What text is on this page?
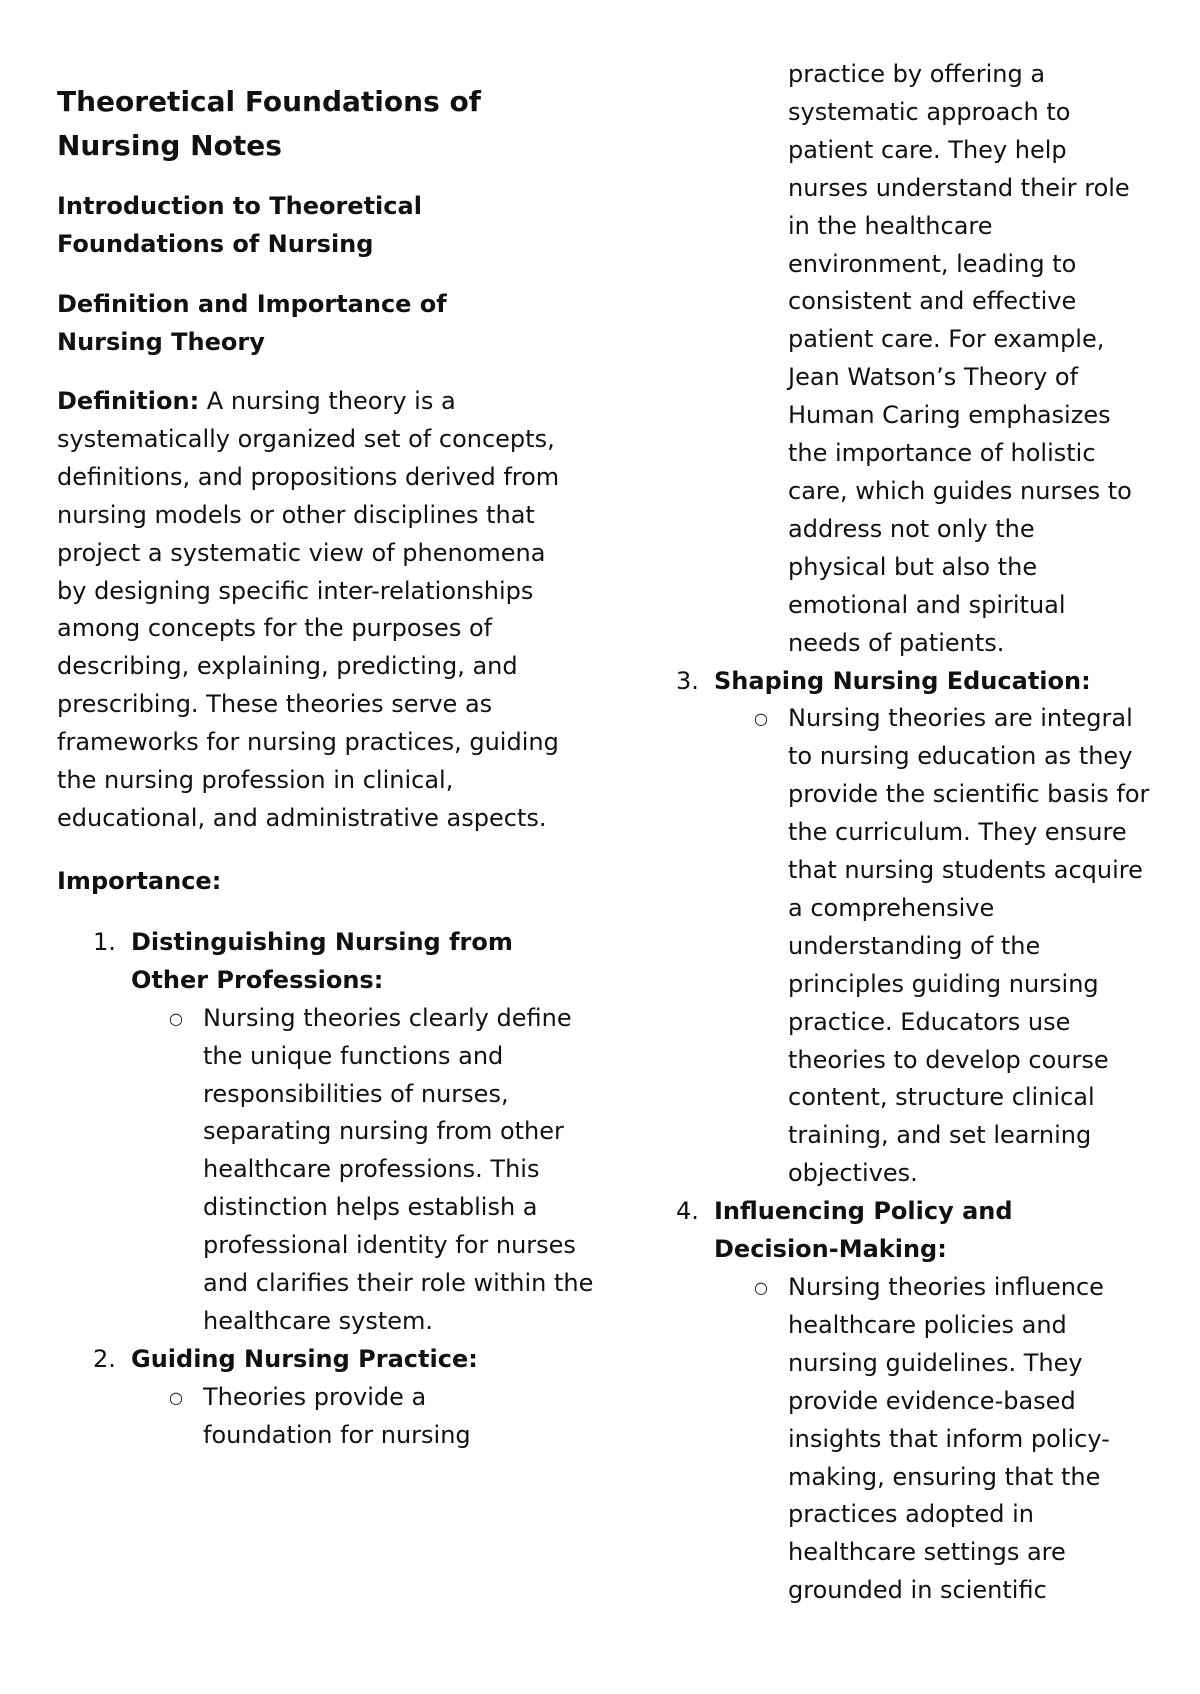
Theoretical Foundations of Nursing Notes
Introduction to Theoretical Foundations of Nursing
Definition and Importance of Nursing Theory

Definition: A nursing theory is a systematically organized set of concepts, definitions, and propositions derived from nursing models or other disciplines that project a systematic view of phenomena by designing specific inter-relationships among concepts for the purposes of describing, explaining, predicting, and prescribing. These theories serve as frameworks for nursing practices, guiding the nursing profession in clinical, educational, and administrative aspects.

Importance:

1. Distinguishing Nursing from Other Professions:
○ Nursing theories clearly define the unique functions and responsibilities of nurses, separating nursing from other healthcare professions. This distinction helps establish a professional identity for nurses and clarifies their role within the healthcare system.
2. Guiding Nursing Practice:
○ Theories provide a foundation for nursing
practice by offering a systematic approach to patient care. They help nurses understand their role in the healthcare environment, leading to consistent and effective patient care. For example, Jean Watson’s Theory of Human Caring emphasizes the importance of holistic care, which guides nurses to address not only the physical but also the emotional and spiritual needs of patients.
3. Shaping Nursing Education:
○ Nursing theories are integral to nursing education as they provide the scientific basis for the curriculum. They ensure that nursing students acquire a comprehensive understanding of the principles guiding nursing practice. Educators use theories to develop course content, structure clinical training, and set learning objectives.
4. Influencing Policy and Decision-Making:
○ Nursing theories influence healthcare policies and nursing guidelines. They provide evidence-based insights that inform policy-making, ensuring that the practices adopted in healthcare settings are grounded in scientific
